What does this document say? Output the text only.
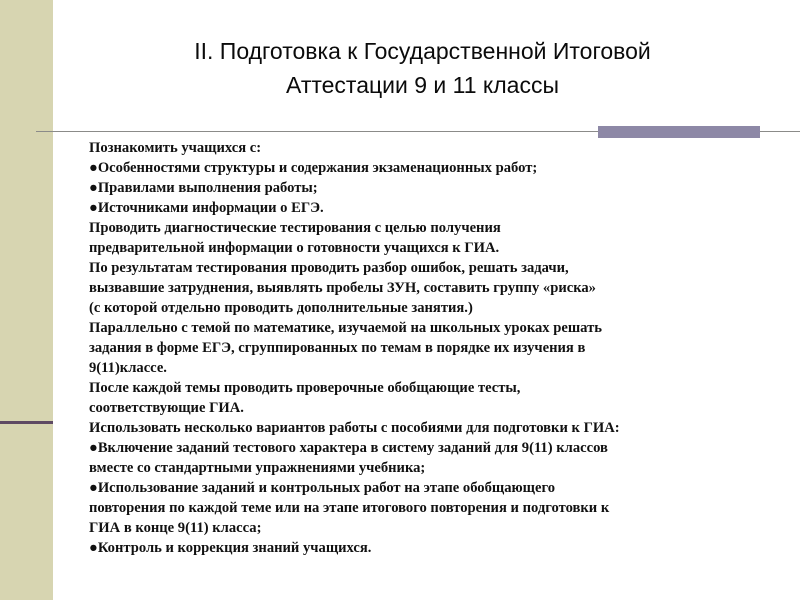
II. Подготовка к Государственной Итоговой
Аттестации 9 и 11 классы
Познакомить учащихся с:
●Особенностями структуры и содержания экзаменационных работ;
●Правилами выполнения работы;
●Источниками информации о ЕГЭ.
Проводить диагностические тестирования с целью получения
предварительной информации о готовности учащихся к ГИА.
По результатам тестирования проводить разбор ошибок, решать задачи,
вызвавшие затруднения, выявлять пробелы ЗУН, составить группу «риска»
(с которой отдельно проводить дополнительные занятия.)
Параллельно с темой по математике, изучаемой на школьных уроках решать
задания в форме ЕГЭ, сгруппированных по темам в порядке их изучения в
9(11)классе.
После каждой темы проводить проверочные обобщающие тесты,
соответствующие ГИА.
Использовать несколько вариантов работы с пособиями для подготовки к ГИА:
●Включение заданий тестового характера в систему заданий для 9(11) классов
вместе со стандартными упражнениями учебника;
●Использование заданий и контрольных работ на этапе обобщающего
повторения по каждой теме или на этапе итогового повторения и подготовки к
ГИА в конце 9(11) класса;
●Контроль и коррекция знаний учащихся.
